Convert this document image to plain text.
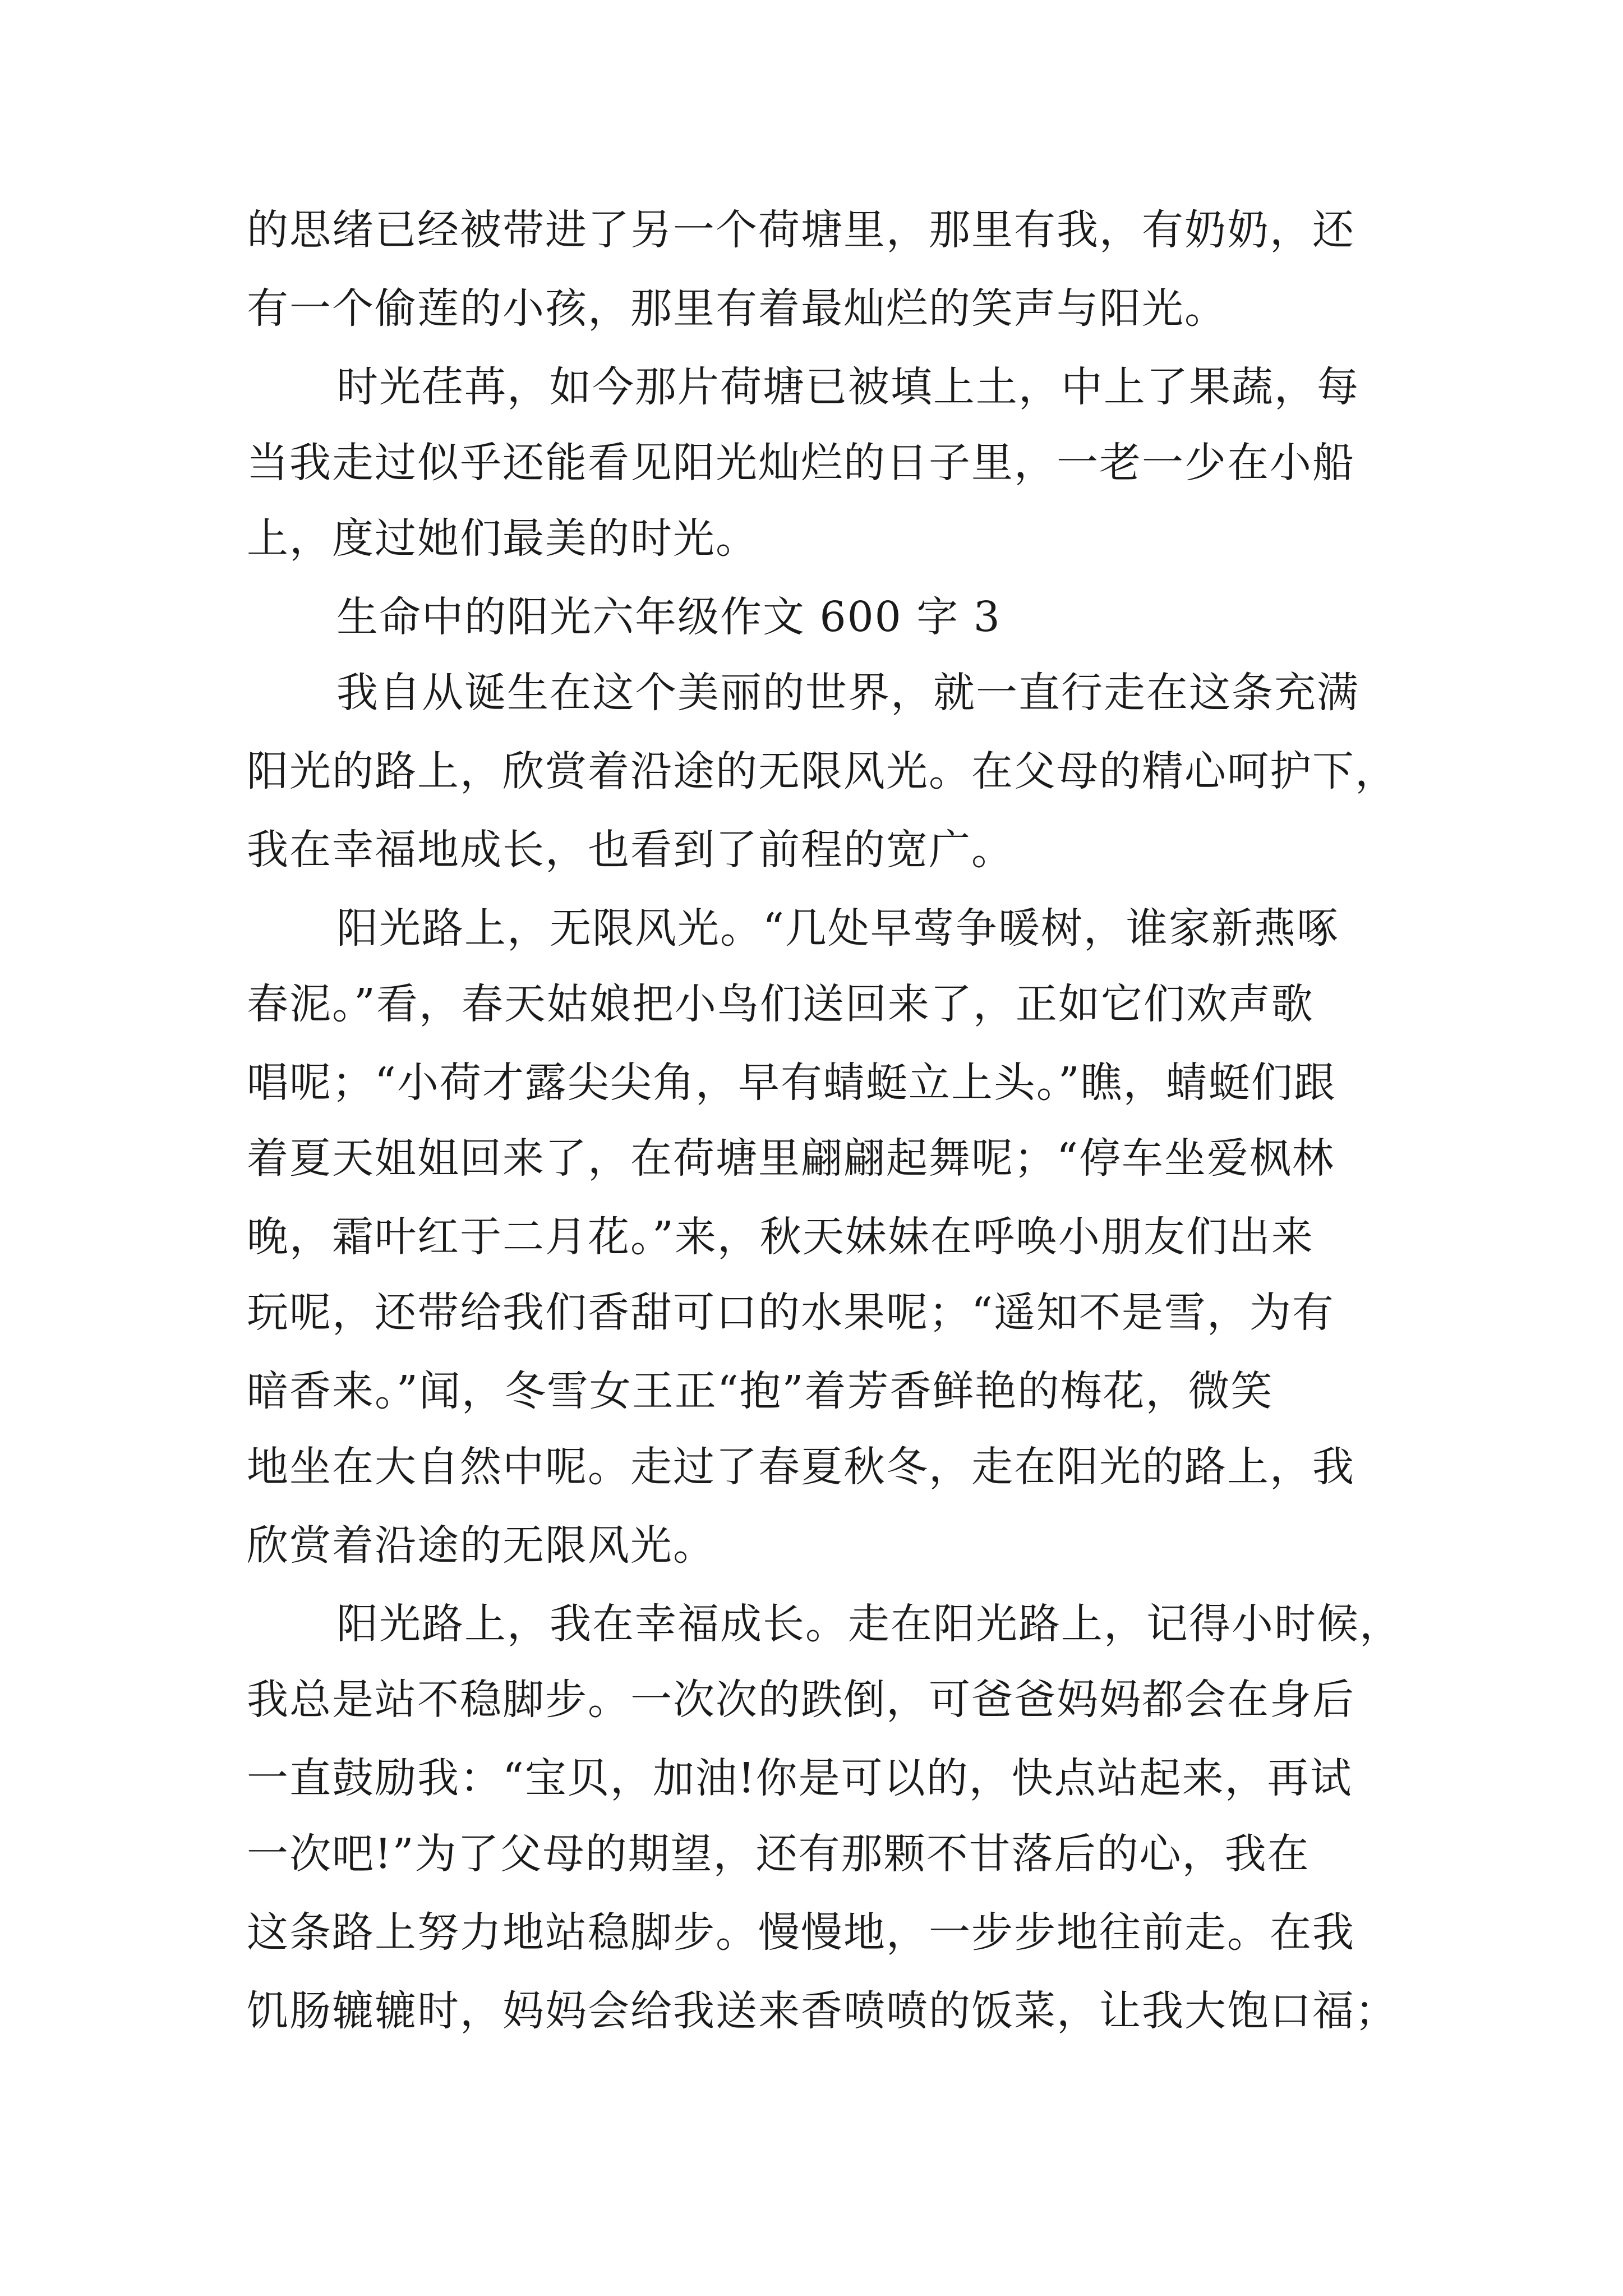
的思绪已经被带进了另一个荷塘里，那里有我，有奶奶，还
有一个偷莲的小孩，那里有着最灿烂的笑声与阳光。
时光荏苒，如今那片荷塘已被填上土，中上了果蔬，每
当我走过似乎还能看见阳光灿烂的日子里，一老一少在小船
上，度过她们最美的时光。
生命中的阳光六年级作文 600 字 3
我自从诞生在这个美丽的世界，就一直行走在这条充满
阳光的路上，欣赏着沿途的无限风光。在父母的精心呵护下，
我在幸福地成长，也看到了前程的宽广。
阳光路上，无限风光。“几处早莺争暖树，谁家新燕啄
春泥。”看，春天姑娘把小鸟们送回来了，正如它们欢声歌
唱呢；“小荷才露尖尖角，早有蜻蜓立上头。”瞧，蜻蜓们跟
着夏天姐姐回来了，在荷塘里翩翩起舞呢；“停车坐爱枫林
晚，霜叶红于二月花。”来，秋天妹妹在呼唤小朋友们出来
玩呢，还带给我们香甜可口的水果呢；“遥知不是雪，为有
暗香来。”闻，冬雪女王正“抱”着芳香鲜艳的梅花，微笑
地坐在大自然中呢。走过了春夏秋冬，走在阳光的路上，我
欣赏着沿途的无限风光。
阳光路上，我在幸福成长。走在阳光路上，记得小时候，
我总是站不稳脚步。一次次的跌倒，可爸爸妈妈都会在身后
一直鼓励我：“宝贝，加油!你是可以的，快点站起来，再试
一次吧!”为了父母的期望，还有那颗不甘落后的心，我在
这条路上努力地站稳脚步。慢慢地，一步步地往前走。在我
饥肠辘辘时，妈妈会给我送来香喷喷的饭菜，让我大饱口福；
